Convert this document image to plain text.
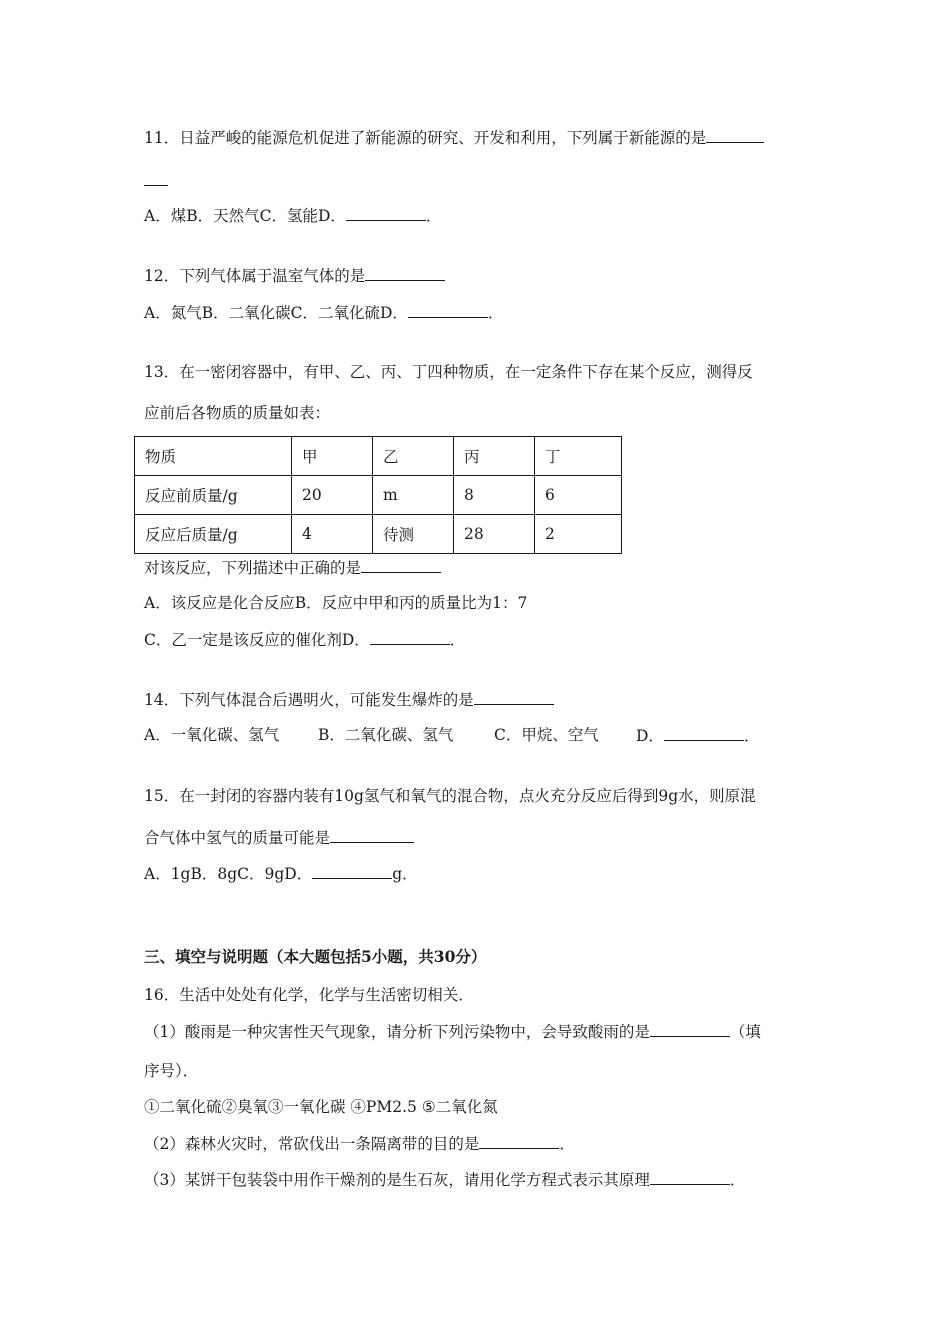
11．日益严峻的能源危机促进了新能源的研究、开发和利用，下列属于新能源的是
A．煤B．天然气C．氢能D．	．
12．下列气体属于温室气体的是
A．氮气B．二氧化碳C．二氧化硫D．	．
13．在一密闭容器中，有甲、乙、丙、丁四种物质，在一定条件下存在某个反应，测得反
应前后各物质的质量如表：
物质	甲	乙	丙	丁
反应前质量/g	20	m	8	6
反应后质量/g	4	待测	28	2
对该反应，下列描述中正确的是
A．该反应是化合反应B．反应中甲和丙的质量比为1：7
C．乙一定是该反应的催化剂D．	．
14．下列气体混合后遇明火，可能发生爆炸的是
A．一氧化碳、氢气	B．二氧化碳、氢气	C．甲烷、空气 D．	．
15．在一封闭的容器内装有10g氢气和氧气的混合物，点火充分反应后得到9g水，则原混
合气体中氢气的质量可能是
A．1gB．8gC．9gD．	g．
三、填空与说明题（本大题包括5小题，共30分）
16．生活中处处有化学，化学与生活密切相关．
（1）酸雨是一种灾害性天气现象，请分析下列污染物中，会导致酸雨的是	（填
序号）．
①二氧化硫②臭氧③一氧化碳 ④PM2.5 ⑤二氧化氮
（2）森林火灾时，常砍伐出一条隔离带的目的是	．
（3）某饼干包装袋中用作干燥剂的是生石灰，请用化学方程式表示其原理	．
